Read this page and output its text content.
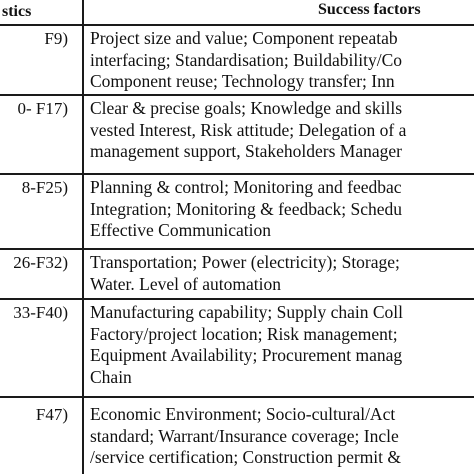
stics	Success factors
F9)	Project size and value; Component repeatab
interfacing; Standardisation; Buildability/Co
Component reuse; Technology transfer; Inn
0- F17)	Clear & precise goals; Knowledge and skills
vested Interest, Risk attitude; Delegation of a
management support, Stakeholders Manager
8-F25)	Planning & control; Monitoring and feedbac
Integration; Monitoring & feedback; Schedu
Effective Communication
26-F32)	Transportation; Power (electricity); Storage;
Water. Level of automation
33-F40)	Manufacturing capability; Supply chain Coll
Factory/project location; Risk management;
Equipment Availability; Procurement manag
Chain
F47)	Economic Environment; Socio-cultural/Act
standard; Warrant/Insurance coverage; Incle
/service certification; Construction permit &
